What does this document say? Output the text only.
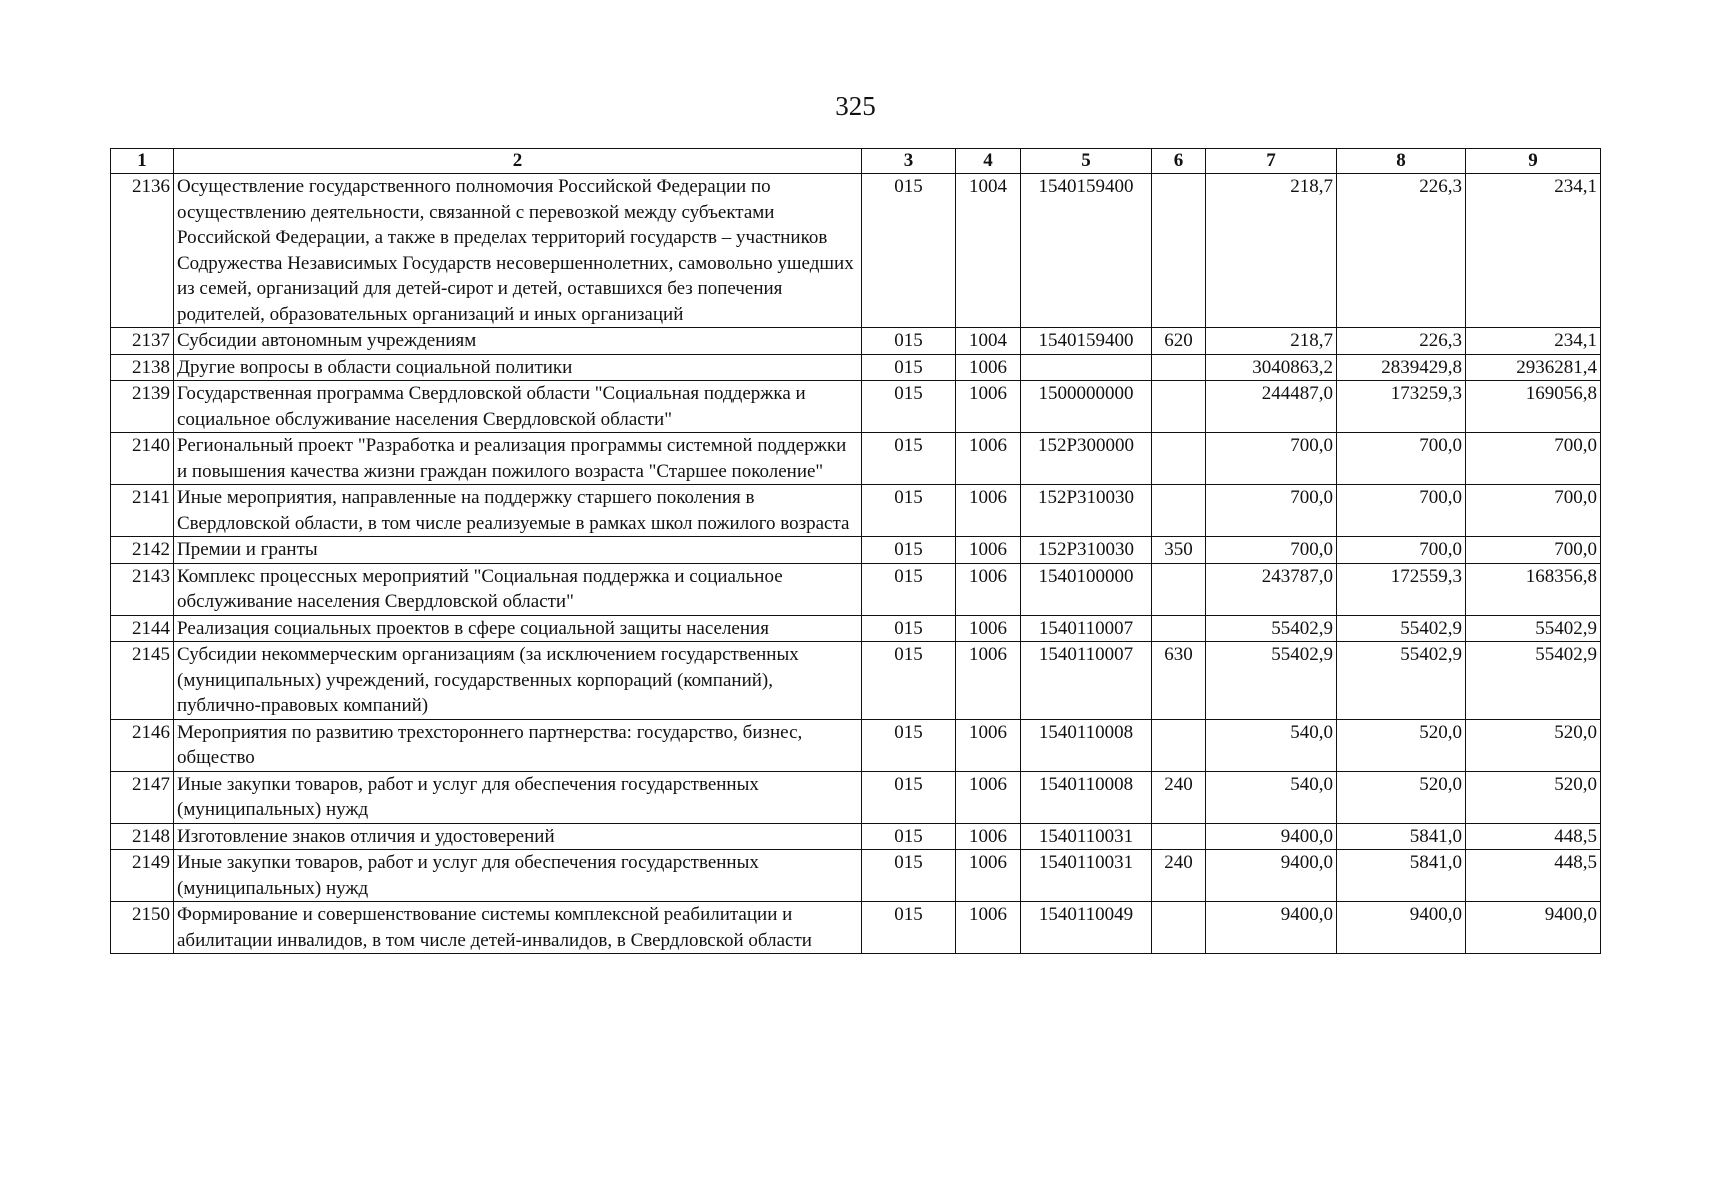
325
1	2	3	4	5	6	7	8	9
2136	Осуществление государственного полномочия Российской Федерации по осуществлению деятельности, связанной с перевозкой между субъектами Российской Федерации, а также в пределах территорий государств – участников Содружества Независимых Государств несовершеннолетних, самовольно ушедших из семей, организаций для детей-сирот и детей, оставшихся без попечения родителей, образовательных организаций и иных организаций	015	1004	1540159400		218,7	226,3	234,1
2137	Субсидии автономным учреждениям	015	1004	1540159400	620	218,7	226,3	234,1
2138	Другие вопросы в области социальной политики	015	1006			3040863,2	2839429,8	2936281,4
2139	Государственная программа Свердловской области "Социальная поддержка и социальное обслуживание населения Свердловской области"	015	1006	1500000000		244487,0	173259,3	169056,8
2140	Региональный проект "Разработка и реализация программы системной поддержки и повышения качества жизни граждан пожилого возраста "Старшее поколение"	015	1006	152P300000		700,0	700,0	700,0
2141	Иные мероприятия, направленные на поддержку старшего поколения в Свердловской области, в том числе реализуемые в рамках школ пожилого возраста	015	1006	152P310030		700,0	700,0	700,0
2142	Премии и гранты	015	1006	152P310030	350	700,0	700,0	700,0
2143	Комплекс процессных мероприятий "Социальная поддержка и социальное обслуживание населения Свердловской области"	015	1006	1540100000		243787,0	172559,3	168356,8
2144	Реализация социальных проектов в сфере социальной защиты населения	015	1006	1540110007		55402,9	55402,9	55402,9
2145	Субсидии некоммерческим организациям (за исключением государственных (муниципальных) учреждений, государственных корпораций (компаний), публично-правовых компаний)	015	1006	1540110007	630	55402,9	55402,9	55402,9
2146	Мероприятия по развитию трехстороннего партнерства: государство, бизнес, общество	015	1006	1540110008		540,0	520,0	520,0
2147	Иные закупки товаров, работ и услуг для обеспечения государственных (муниципальных) нужд	015	1006	1540110008	240	540,0	520,0	520,0
2148	Изготовление знаков отличия и удостоверений	015	1006	1540110031		9400,0	5841,0	448,5
2149	Иные закупки товаров, работ и услуг для обеспечения государственных (муниципальных) нужд	015	1006	1540110031	240	9400,0	5841,0	448,5
2150	Формирование и совершенствование системы комплексной реабилитации и абилитации инвалидов, в том числе детей-инвалидов, в Свердловской области	015	1006	1540110049		9400,0	9400,0	9400,0
